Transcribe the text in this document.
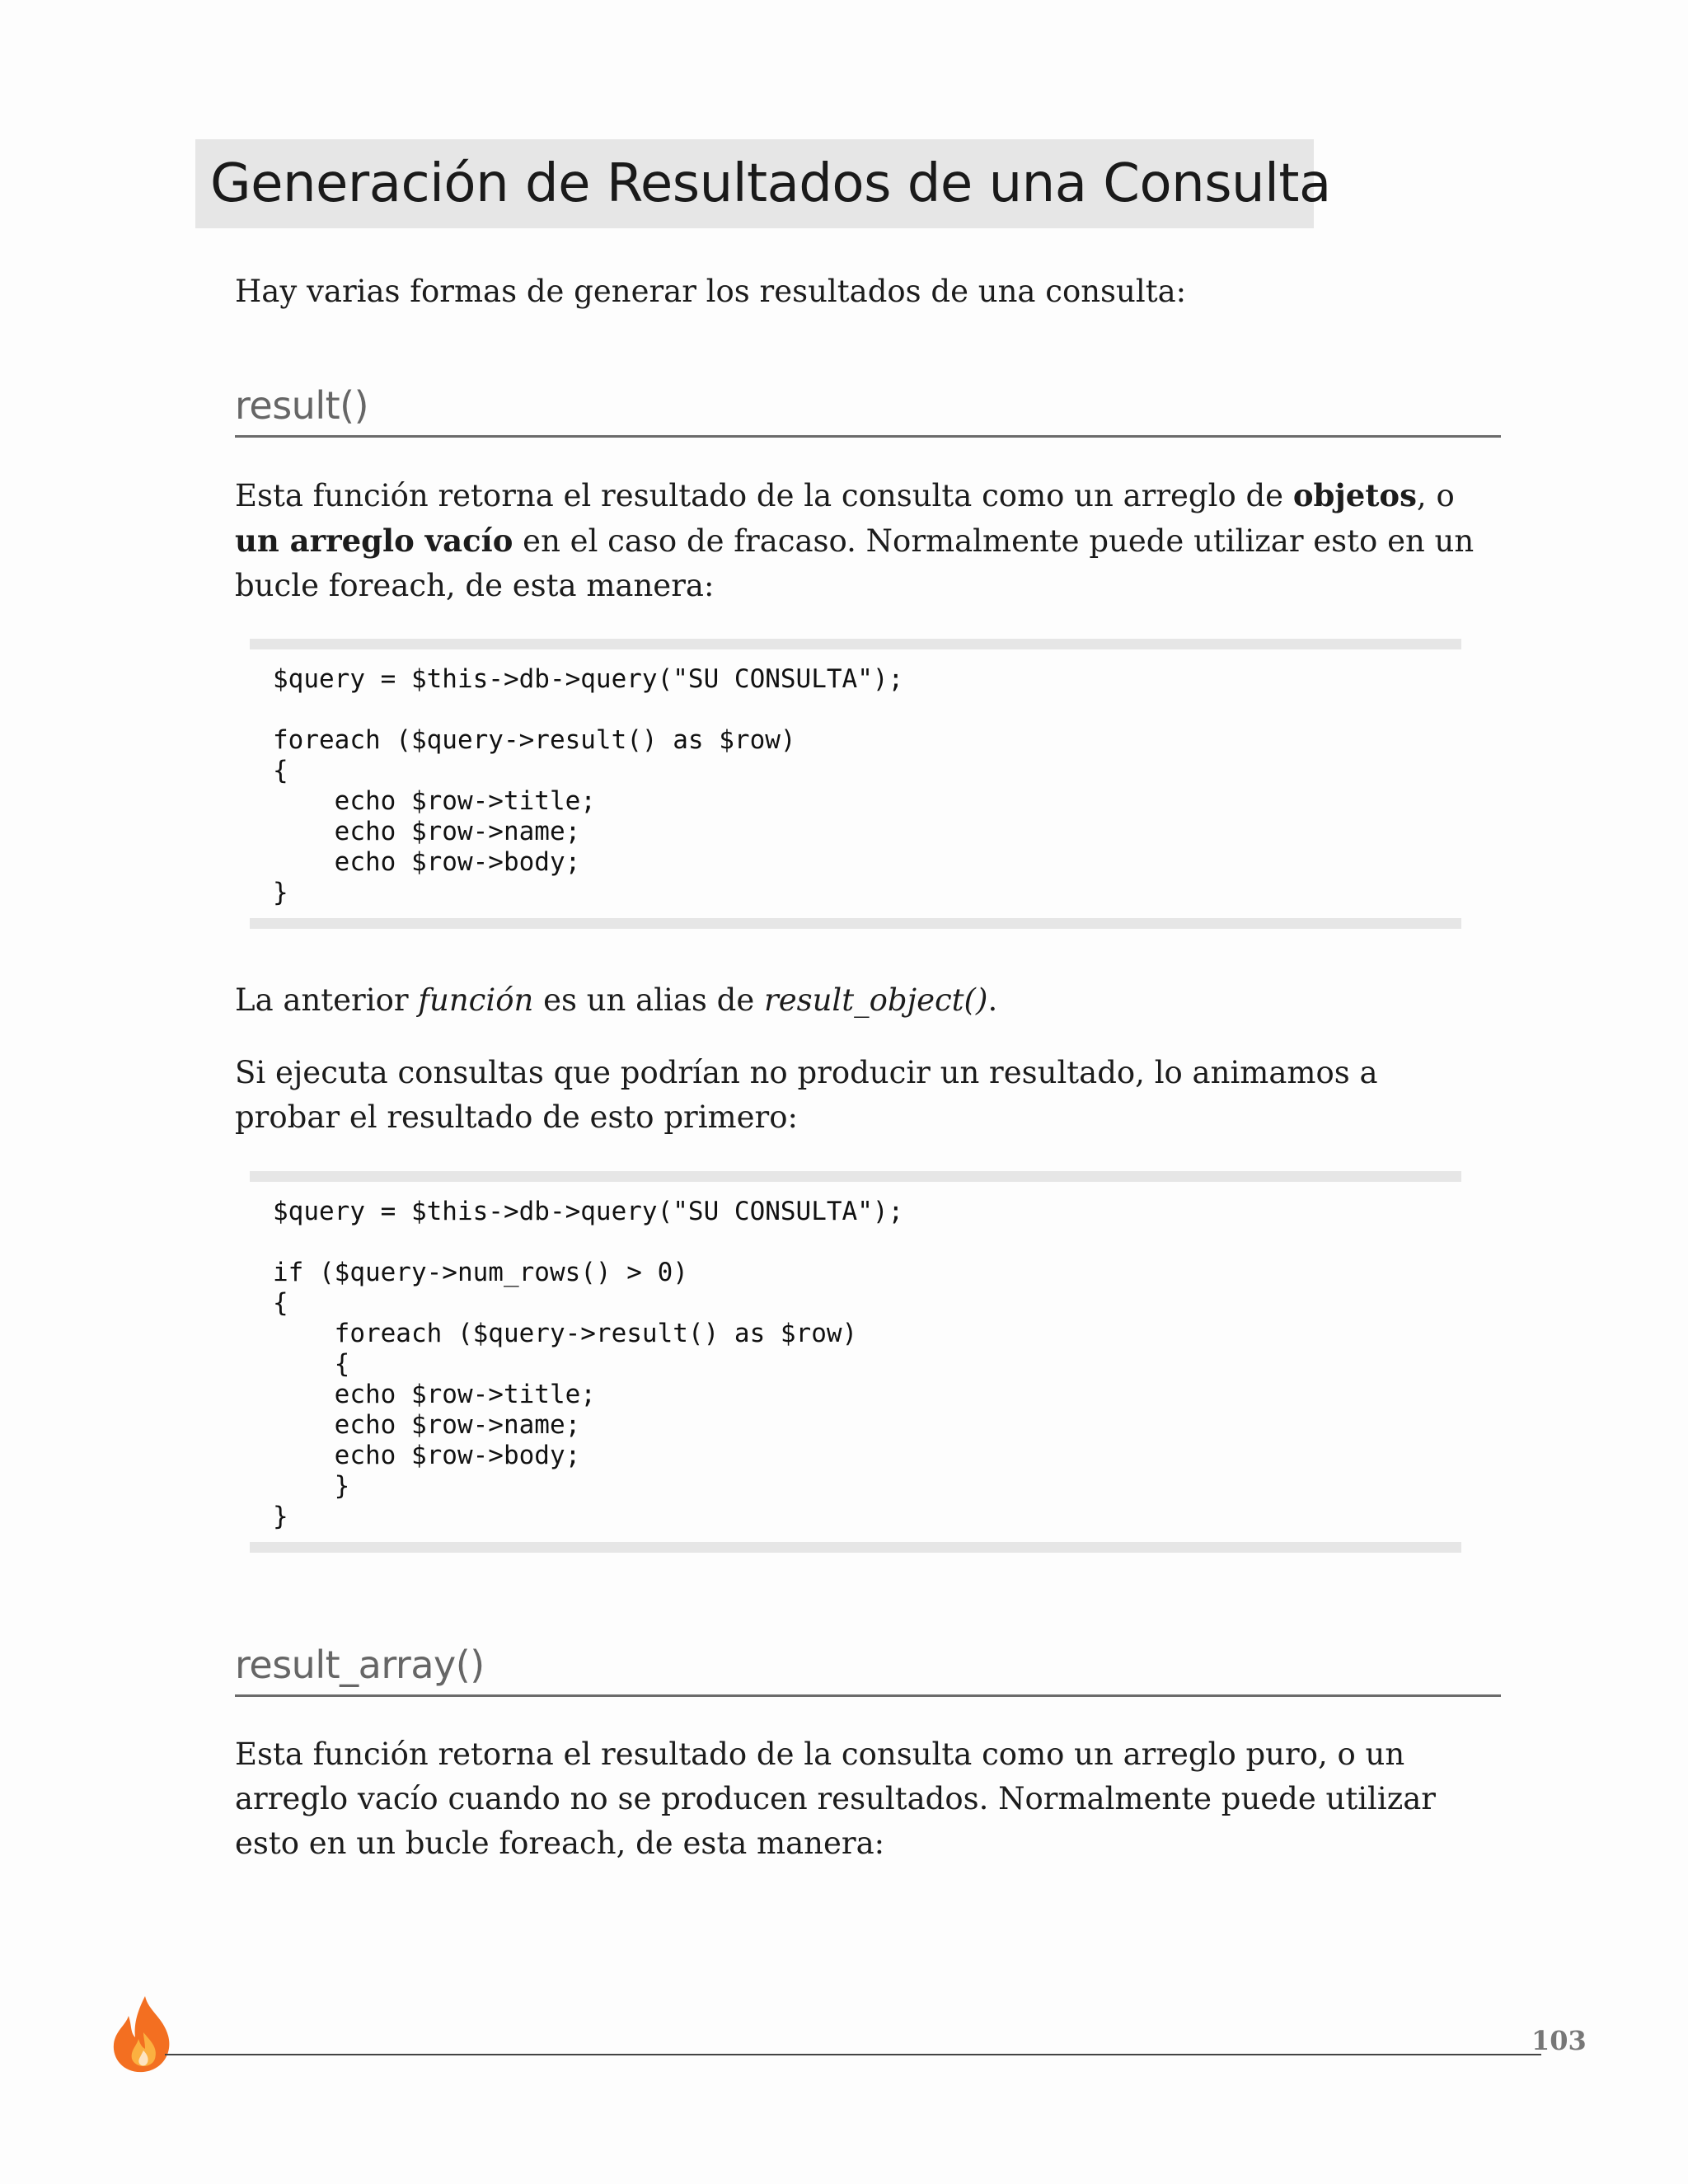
Generación de Resultados de una Consulta

Hay varias formas de generar los resultados de una consulta:

result()

Esta función retorna el resultado de la consulta como un arreglo de objetos, o un arreglo vacío en el caso de fracaso. Normalmente puede utilizar esto en un bucle foreach, de esta manera:

$query = $this->db->query("SU CONSULTA");
foreach ($query->result() as $row)
{
echo $row->title;
echo $row->name;
echo $row->body;
}

La anterior función es un alias de result_object().

Si ejecuta consultas que podrían no producir un resultado, lo animamos a probar el resultado de esto primero:

$query = $this->db->query("SU CONSULTA");
if ($query->num_rows() > 0)
{
foreach ($query->result() as $row)
{
echo $row->title;
echo $row->name;
echo $row->body;
}
}
result_array()

Esta función retorna el resultado de la consulta como un arreglo puro, o un arreglo vacío cuando no se producen resultados. Normalmente puede utilizar esto en un bucle foreach, de esta manera:

103
